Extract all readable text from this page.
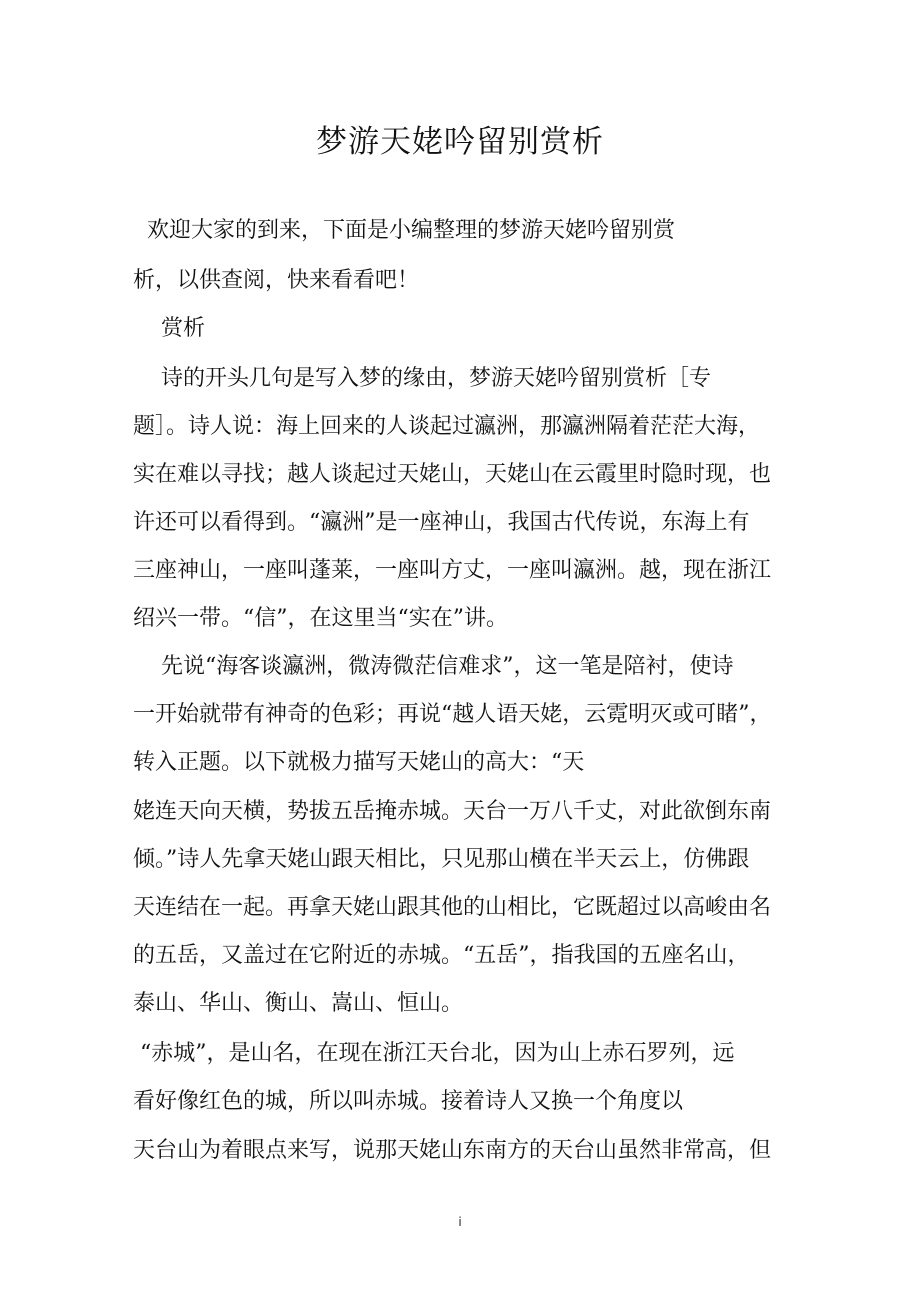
梦游天姥吟留别赏析
欢迎大家的到来，下面是小编整理的梦游天姥吟留别赏
析，以供查阅，快来看看吧！
赏析
诗的开头几句是写入梦的缘由，梦游天姥吟留别赏析［专
题］。诗人说：海上回来的人谈起过瀛洲，那瀛洲隔着茫茫大海，
实在难以寻找；越人谈起过天姥山，天姥山在云霞里时隐时现，也
许还可以看得到。“瀛洲”是一座神山，我国古代传说，东海上有
三座神山，一座叫蓬莱，一座叫方丈，一座叫瀛洲。越，现在浙江
绍兴一带。“信”，在这里当“实在”讲。
先说“海客谈瀛洲，微涛微茫信难求”，这一笔是陪衬，使诗
一开始就带有神奇的色彩；再说“越人语天姥，云霓明灭或可睹”，
转入正题。以下就极力描写天姥山的高大：“天
姥连天向天横，势拔五岳掩赤城。天台一万八千丈，对此欲倒东南
倾。”诗人先拿天姥山跟天相比，只见那山横在半天云上，仿佛跟
天连结在一起。再拿天姥山跟其他的山相比，它既超过以高峻由名
的五岳，又盖过在它附近的赤城。“五岳”，指我国的五座名山，
泰山、华山、衡山、嵩山、恒山。
“赤城”，是山名，在现在浙江天台北，因为山上赤石罗列，远
看好像红色的城，所以叫赤城。接着诗人又换一个角度以
天台山为着眼点来写，说那天姥山东南方的天台山虽然非常高，但
i
